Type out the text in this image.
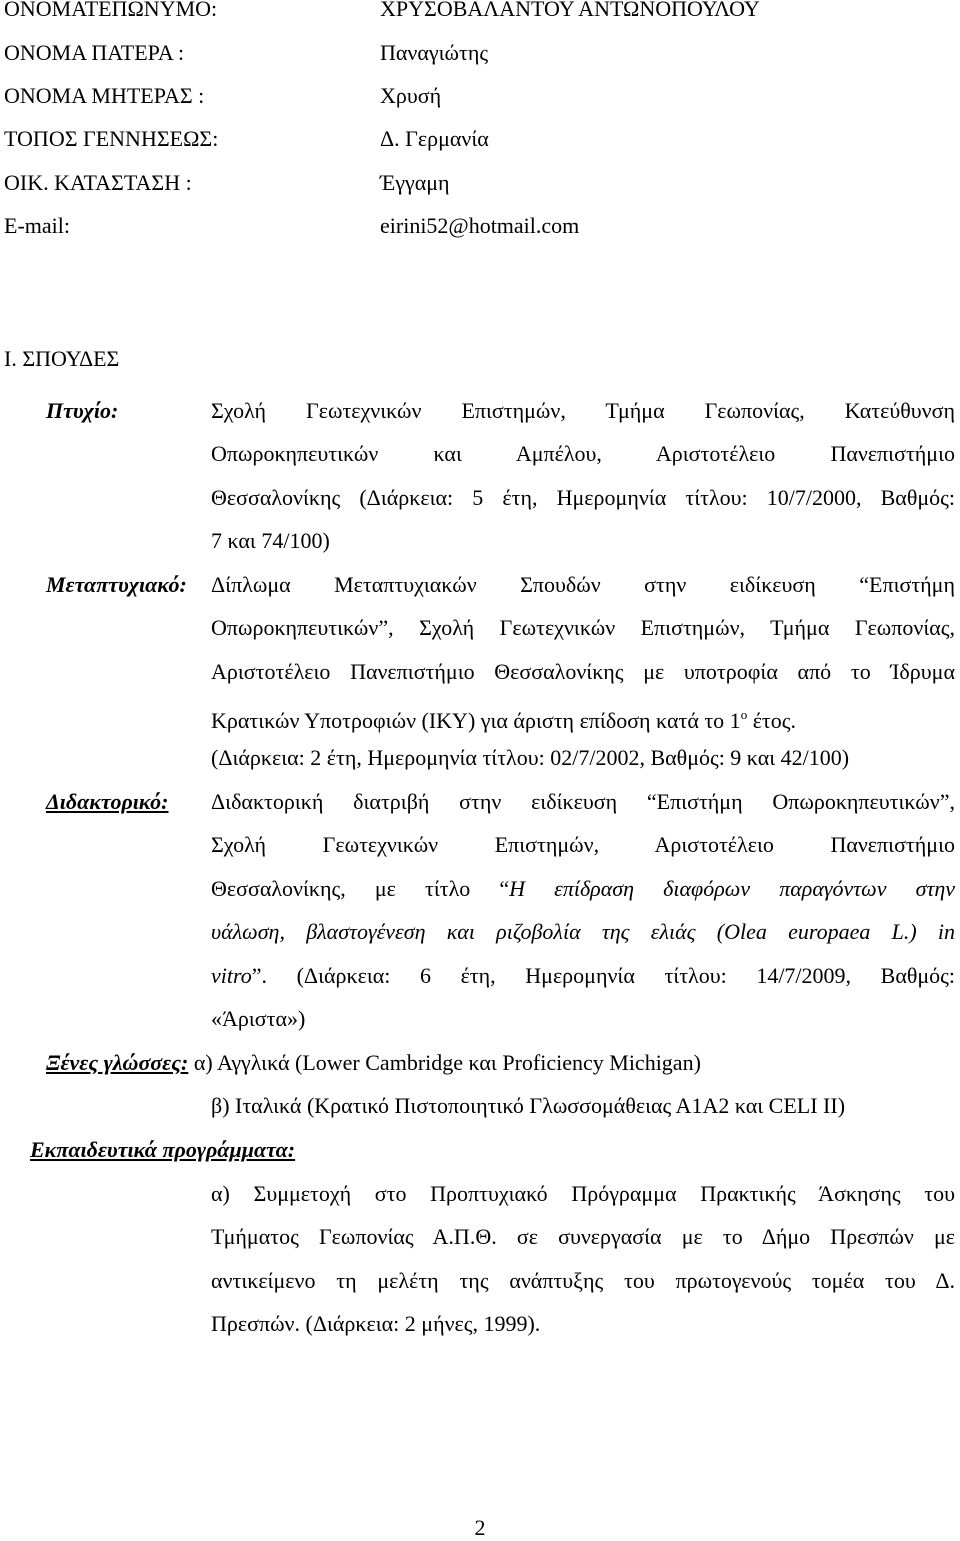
ΟΝΟΜΑΤΕΠΩΝΥΜΟ:	ΧΡΥΣΟΒΑΛΑΝΤΟΥ ΑΝΤΩΝΟΠΟΥΛΟΥ
ΟΝΟΜΑ ΠΑΤΕΡΑ :	Παναγιώτης
ΟΝΟΜΑ ΜΗΤΕΡΑΣ :	Χρυσή
ΤΟΠΟΣ ΓΕΝΝΗΣΕΩΣ:	Δ. Γερμανία
ΟΙΚ. ΚΑΤΑΣΤΑΣΗ :	Έγγαμη
E-mail:	eirini52@hotmail.com
Ι. ΣΠΟΥΔΕΣ
Πτυχίο:	Σχολή Γεωτεχνικών Επιστημών, Τμήμα Γεωπονίας, Κατεύθυνση
Οπωροκηπευτικών και Αμπέλου, Αριστοτέλειο Πανεπιστήμιο
Θεσσαλονίκης (Διάρκεια: 5 έτη, Ημερομηνία τίτλου: 10/7/2000, Βαθμός:
7 και 74/100)
Μεταπτυχιακό: Δίπλωμα Μεταπτυχιακών Σπουδών στην ειδίκευση “Επιστήμη
Οπωροκηπευτικών”, Σχολή Γεωτεχνικών Επιστημών, Τμήμα Γεωπονίας,
Αριστοτέλειο Πανεπιστήμιο Θεσσαλονίκης με υποτροφία από το Ίδρυμα
Κρατικών Υποτροφιών (ΙΚΥ) για άριστη επίδοση κατά το $1^o$ έτος.
(Διάρκεια: 2 έτη, Ημερομηνία τίτλου: 02/7/2002, Βαθμός: 9 και 42/100)
Διδακτορικό: Διδακτορική διατριβή στην ειδίκευση “Επιστήμη Οπωροκηπευτικών”,
Σχολή Γεωτεχνικών Επιστημών, Αριστοτέλειο Πανεπιστήμιο
Θεσσαλονίκης, με τίτλο “Η επίδραση διαφόρων παραγόντων στην
υάλωση, βλαστογένεση και ριζοβολία της ελιάς (Olea europaea L.) in
vitro”. (Διάρκεια: 6 έτη, Ημερομηνία τίτλου: 14/7/2009, Βαθμός:
«Άριστα»)
Ξένες γλώσσες: α) Αγγλικά (Lower Cambridge και Proficiency Michigan)
β) Ιταλικά (Κρατικό Πιστοποιητικό Γλωσσομάθειας Α1Α2 και CELI II)
Εκπαιδευτικά προγράμματα:
α) Συμμετοχή στο Προπτυχιακό Πρόγραμμα Πρακτικής Άσκησης του
Τμήματος Γεωπονίας Α.Π.Θ. σε συνεργασία με το Δήμο Πρεσπών με
αντικείμενο τη μελέτη της ανάπτυξης του πρωτογενούς τομέα του Δ.
Πρεσπών. (Διάρκεια: 2 μήνες, 1999).
2
